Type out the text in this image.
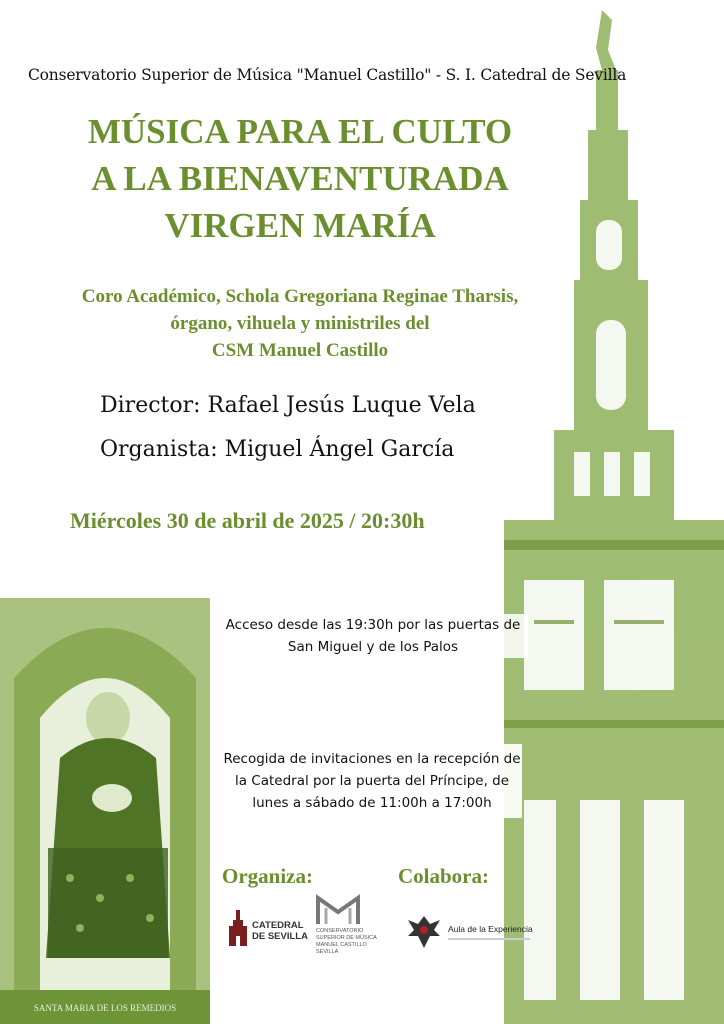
SANTA MARIA DE LOS REMEDIOS
Conservatorio Superior de Música "Manuel Castillo" - S. I. Catedral de Sevilla
MÚSICA PARA EL CULTO
A LA BIENAVENTURADA
VIRGEN MARÍA
Coro Académico, Schola Gregoriana Reginae Tharsis,
órgano, vihuela y ministriles del
CSM Manuel Castillo
Director: Rafael Jesús Luque Vela
Organista: Miguel Ángel García
Miércoles 30 de abril de 2025 / 20:30h
Acceso desde las 19:30h por las puertas de
San Miguel y de los Palos
Recogida de invitaciones en la recepción de
la Catedral por la puerta del Príncipe, de
lunes a sábado de 11:00h a 17:00h
Organiza:	Colabora:
CATEDRAL
DE SEVILLA CONSERVATORIO
SUPERIOR DE MÚSICA
MANUEL CASTILLO
SEVILLA
Aula de la Experiencia
